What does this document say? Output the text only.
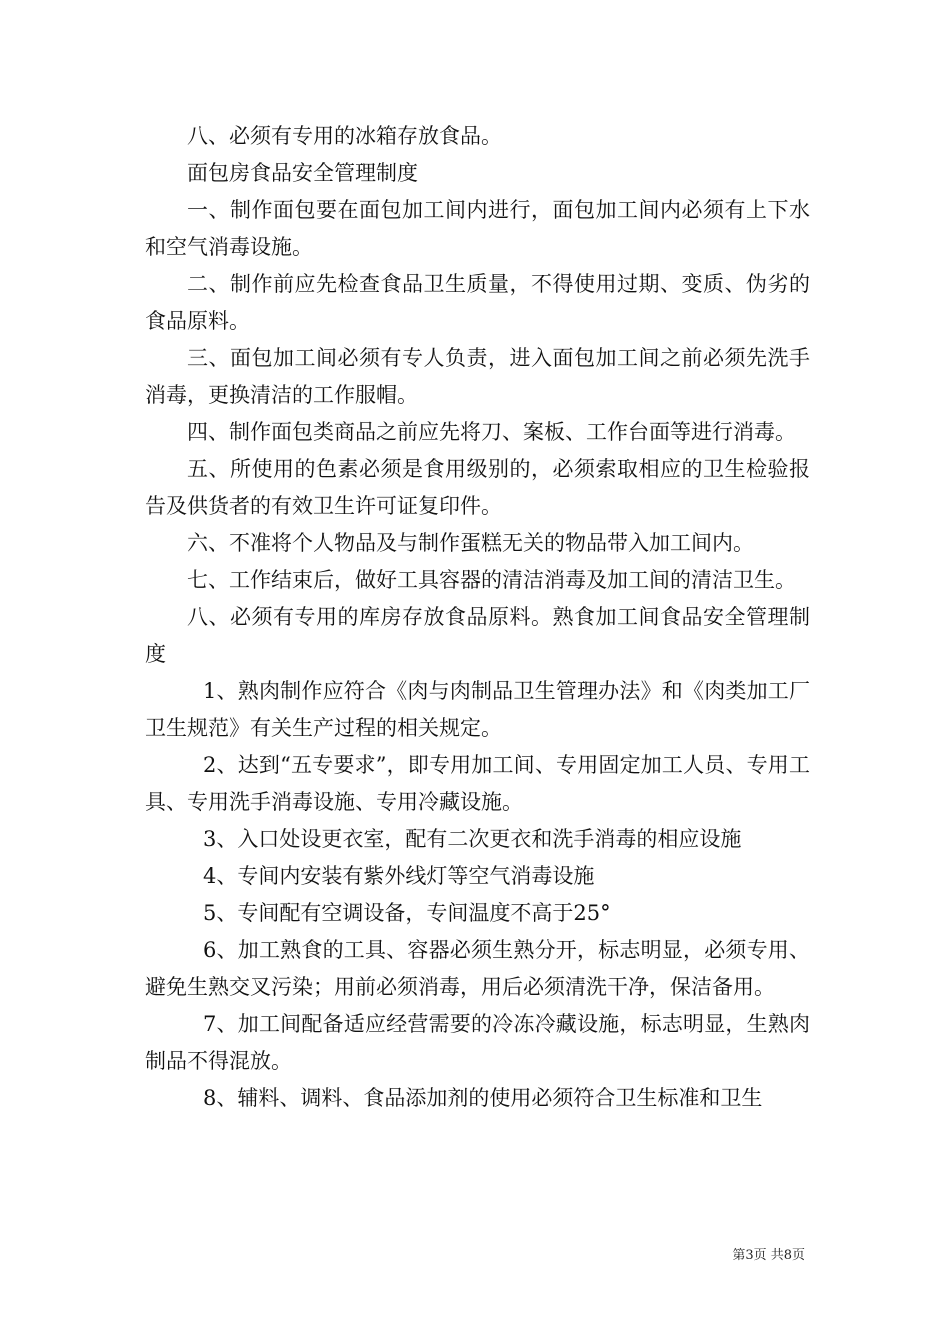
八、必须有专用的冰箱存放食品。

面包房食品安全管理制度

一、制作面包要在面包加工间内进行，面包加工间内必须有上下水和空气消毒设施。

二、制作前应先检查食品卫生质量，不得使用过期、变质、伪劣的食品原料。

三、面包加工间必须有专人负责，进入面包加工间之前必须先洗手消毒，更换清洁的工作服帽。

四、制作面包类商品之前应先将刀、案板、工作台面等进行消毒。

五、所使用的色素必须是食用级别的，必须索取相应的卫生检验报告及供货者的有效卫生许可证复印件。

六、不准将个人物品及与制作蛋糕无关的物品带入加工间内。

七、工作结束后，做好工具容器的清洁消毒及加工间的清洁卫生。

八、必须有专用的库房存放食品原料。熟食加工间食品安全管理制度

1、熟肉制作应符合《肉与肉制品卫生管理办法》和《肉类加工厂卫生规范》有关生产过程的相关规定。

2、达到“五专要求”，即专用加工间、专用固定加工人员、专用工具、专用洗手消毒设施、专用冷藏设施。

3、入口处设更衣室，配有二次更衣和洗手消毒的相应设施

4、专间内安装有紫外线灯等空气消毒设施

5、专间配有空调设备，专间温度不高于25°

6、加工熟食的工具、容器必须生熟分开，标志明显，必须专用、避免生熟交叉污染；用前必须消毒，用后必须清洗干净，保洁备用。

7、加工间配备适应经营需要的冷冻冷藏设施，标志明显，生熟肉制品不得混放。

8、辅料、调料、食品添加剂的使用必须符合卫生标准和卫生

第3页 共8页
